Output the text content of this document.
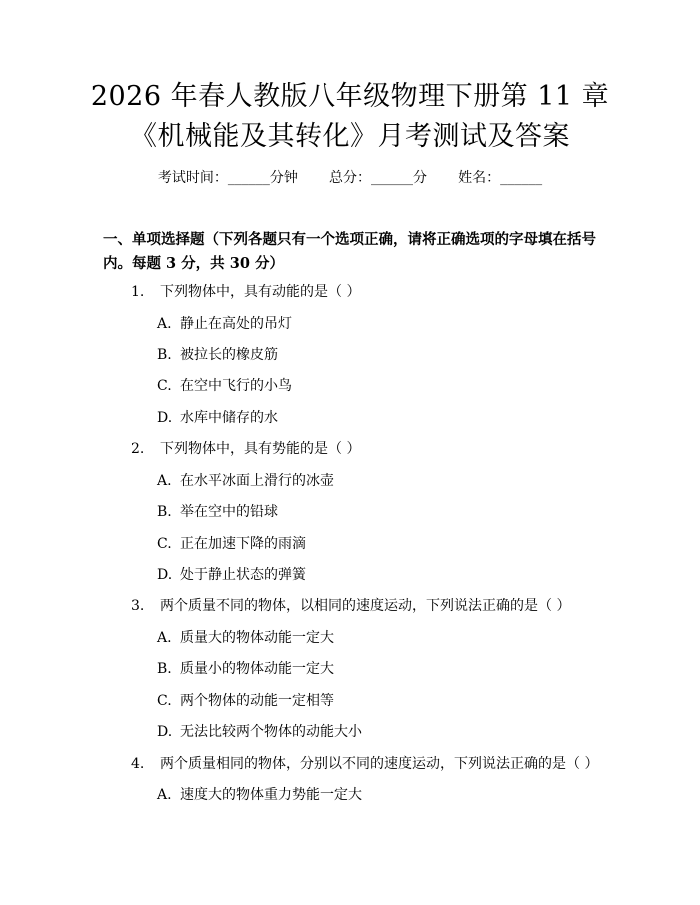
2026 年春人教版八年级物理下册第 11 章
《机械能及其转化》月考测试及答案
考试时间：______分钟 总分：______分 姓名：______
一、单项选择题（下列各题只有一个选项正确，请将正确选项的字母填在括号内。每题 3 分，共 30 分）
1. 下列物体中，具有动能的是（ ）
A. 静止在高处的吊灯
B. 被拉长的橡皮筋
C. 在空中飞行的小鸟
D. 水库中储存的水
2. 下列物体中，具有势能的是（ ）
A. 在水平冰面上滑行的冰壶
B. 举在空中的铅球
C. 正在加速下降的雨滴
D. 处于静止状态的弹簧
3. 两个质量不同的物体，以相同的速度运动，下列说法正确的是（ ）
A. 质量大的物体动能一定大
B. 质量小的物体动能一定大
C. 两个物体的动能一定相等
D. 无法比较两个物体的动能大小
4. 两个质量相同的物体，分别以不同的速度运动，下列说法正确的是（ ）
A. 速度大的物体重力势能一定大
